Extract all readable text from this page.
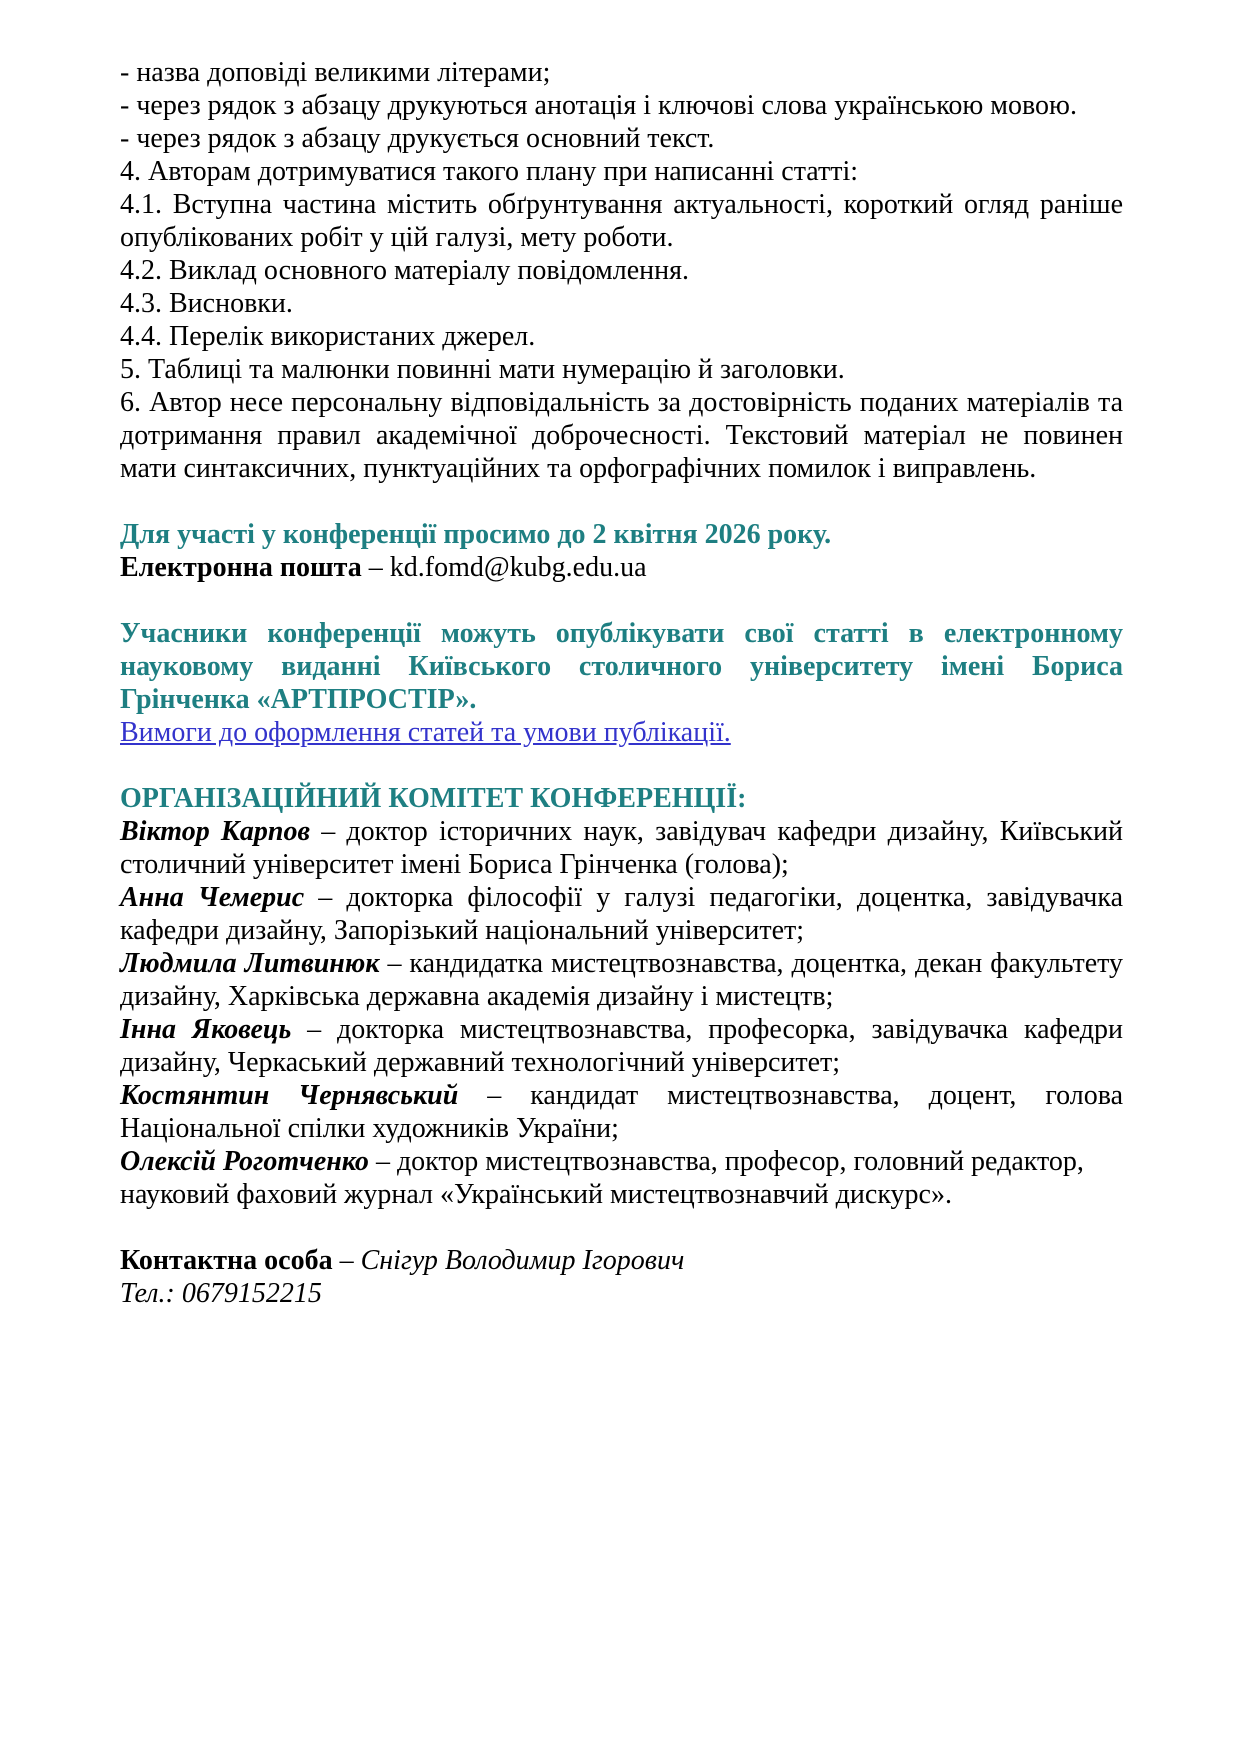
- назва доповіді великими літерами;

- через рядок з абзацу друкуються анотація і ключові слова українською мовою.

- через рядок з абзацу друкується основний текст.

4. Авторам дотримуватися такого плану при написанні статті:

4.1. Вступна частина містить обґрунтування актуальності, короткий огляд раніше опублікованих робіт у цій галузі, мету роботи.

4.2. Виклад основного матеріалу повідомлення.

4.3. Висновки.

4.4. Перелік використаних джерел.

5. Таблиці та малюнки повинні мати нумерацію й заголовки.

6. Автор несе персональну відповідальність за достовірність поданих матеріалів та дотримання правил академічної доброчесності. Текстовий матеріал не повинен мати синтаксичних, пунктуаційних та орфографічних помилок і виправлень.

Для участі у конференції просимо до 2 квітня 2026 року.

Електронна пошта – kd.fomd@kubg.edu.ua

Учасники конференції можуть опублікувати свої статті в електронному науковому виданні Київського столичного університету імені Бориса Грінченка «АРТПРОСТІР».

Вимоги до оформлення статей та умови публікації.

ОРГАНІЗАЦІЙНИЙ КОМІТЕТ КОНФЕРЕНЦІЇ:

Віктор Карпов – доктор історичних наук, завідувач кафедри дизайну, Київський столичний університет імені Бориса Грінченка (голова);

Анна Чемерис – докторка філософії у галузі педагогіки, доцентка, завідувачка кафедри дизайну, Запорізький національний університет;

Людмила Литвинюк – кандидатка мистецтвознавства, доцентка, декан факультету дизайну, Харківська державна академія дизайну і мистецтв;

Інна Яковець – докторка мистецтвознавства, професорка, завідувачка кафедри дизайну, Черкаський державний технологічний університет;

Костянтин Чернявський – кандидат мистецтвознавства, доцент, голова Національної спілки художників України;

Олексій Роготченко – доктор мистецтвознавства, професор, головний редактор,
науковий фаховий журнал «Український мистецтвознавчий дискурс».

Контактна особа – Снігур Володимир Ігорович

Тел.: 0679152215
